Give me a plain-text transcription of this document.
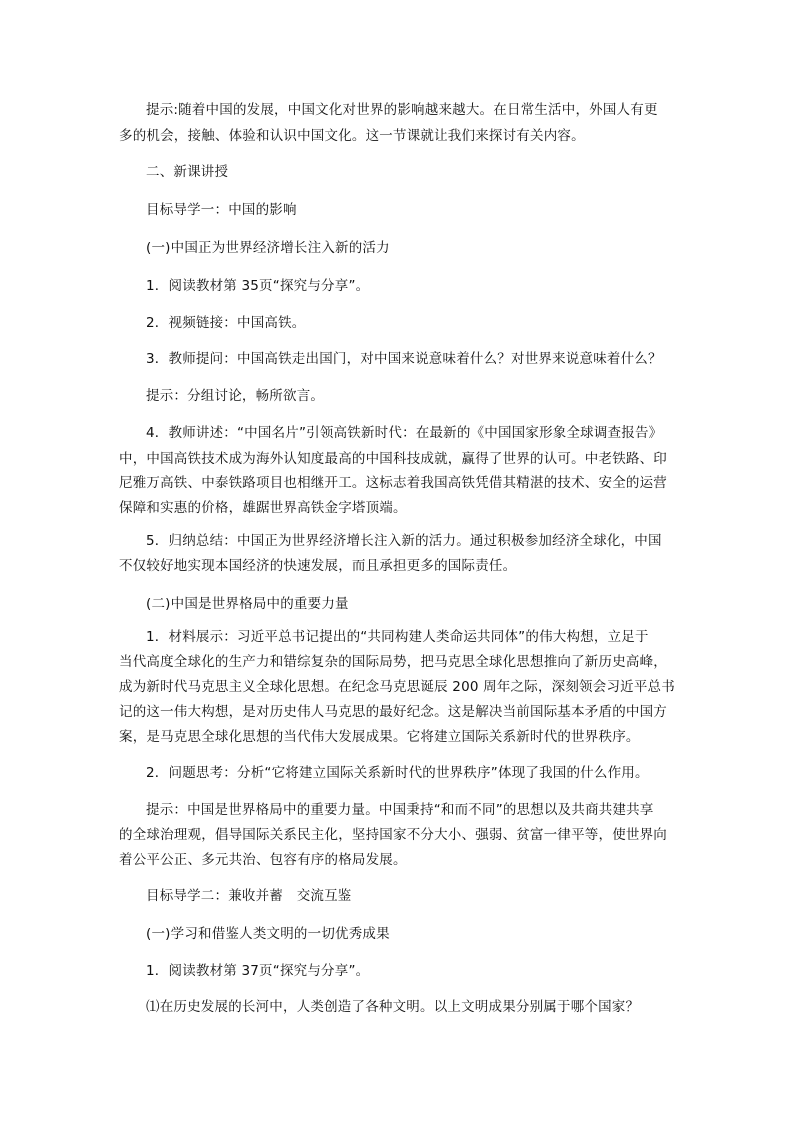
提示:随着中国的发展，中国文化对世界的影响越来越大。在日常生活中，外国人有更
多的机会，接触、体验和认识中国文化。这一节课就让我们来探讨有关内容。
二、新课讲授
目标导学一：中国的影响
(一)中国正为世界经济增长注入新的活力
1．阅读教材第 35页“探究与分享”。
2．视频链接：中国高铁。
3．教师提问：中国高铁走出国门，对中国来说意味着什么？对世界来说意味着什么？
提示：分组讨论，畅所欲言。
4．教师讲述：“中国名片”引领高铁新时代：在最新的《中国国家形象全球调查报告》
中，中国高铁技术成为海外认知度最高的中国科技成就，赢得了世界的认可。中老铁路、印
尼雅万高铁、中泰铁路项目也相继开工。这标志着我国高铁凭借其精湛的技术、安全的运营
保障和实惠的价格，雄踞世界高铁金字塔顶端。
5．归纳总结：中国正为世界经济增长注入新的活力。通过积极参加经济全球化，中国
不仅较好地实现本国经济的快速发展，而且承担更多的国际责任。
(二)中国是世界格局中的重要力量
1．材料展示：习近平总书记提出的“共同构建人类命运共同体”的伟大构想，立足于
当代高度全球化的生产力和错综复杂的国际局势，把马克思全球化思想推向了新历史高峰，
成为新时代马克思主义全球化思想。在纪念马克思诞辰 200 周年之际，深刻领会习近平总书
记的这一伟大构想，是对历史伟人马克思的最好纪念。这是解决当前国际基本矛盾的中国方
案，是马克思全球化思想的当代伟大发展成果。它将建立国际关系新时代的世界秩序。
2．问题思考：分析“它将建立国际关系新时代的世界秩序”体现了我国的什么作用。
提示：中国是世界格局中的重要力量。中国秉持“和而不同”的思想以及共商共建共享
的全球治理观，倡导国际关系民主化，坚持国家不分大小、强弱、贫富一律平等，使世界向
着公平公正、多元共治、包容有序的格局发展。
目标导学二：兼收并蓄　交流互鉴
(一)学习和借鉴人类文明的一切优秀成果
1．阅读教材第 37页“探究与分享”。
⑴在历史发展的长河中，人类创造了各种文明。以上文明成果分别属于哪个国家？
